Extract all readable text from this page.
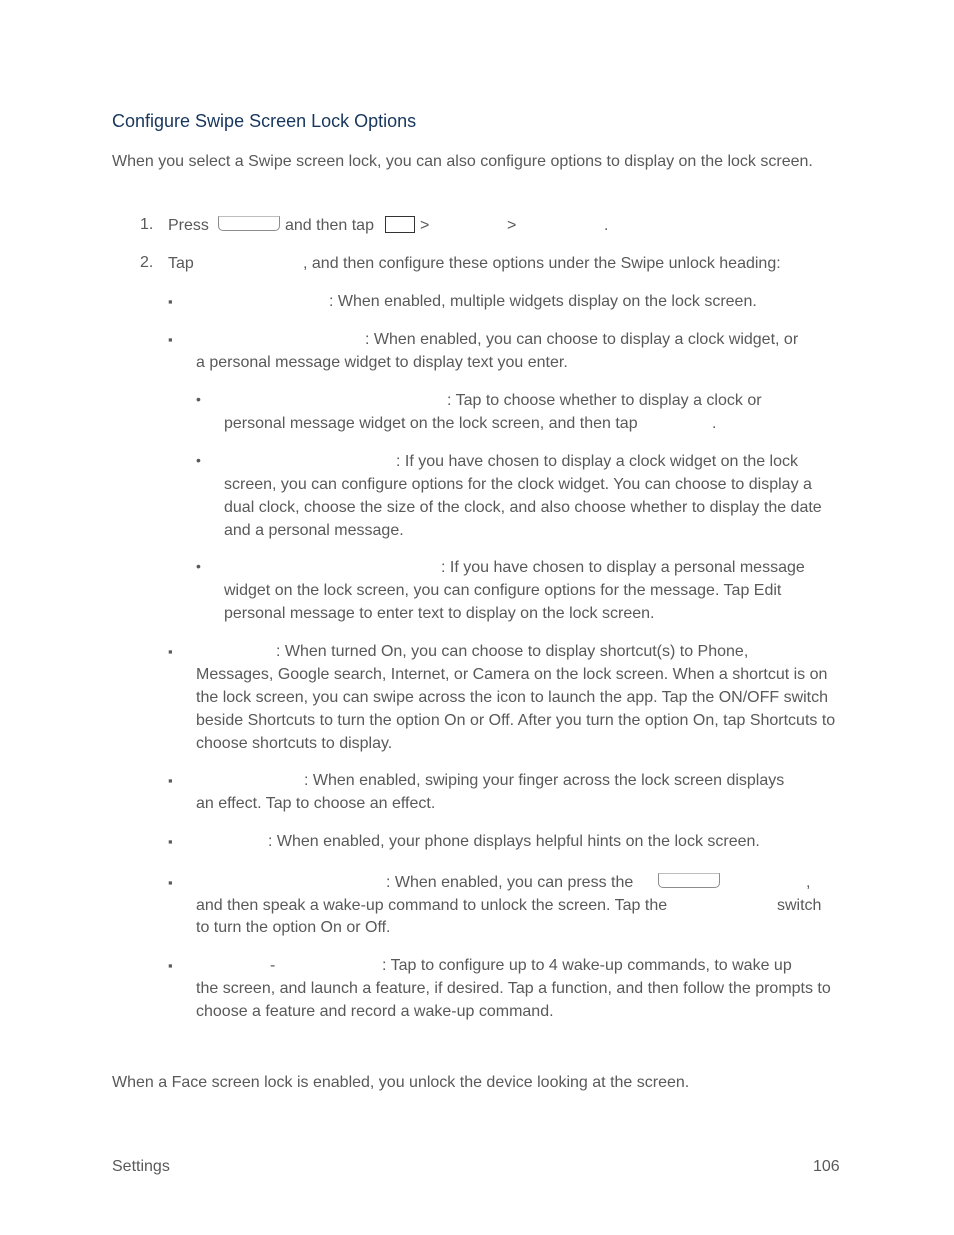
Configure Swipe Screen Lock Options
When you select a Swipe screen lock, you can also configure options to display on the lock screen.
1. Press	and then tap	>	>	.
2. Tap	, and then configure these options under the Swipe unlock heading:
▪	: When enabled, multiple widgets display on the lock screen.
▪	: When enabled, you can choose to display a clock widget, or
a personal message widget to display text you enter.
•	: Tap to choose whether to display a clock or
personal message widget on the lock screen, and then tap	.
•	: If you have chosen to display a clock widget on the lock
screen, you can configure options for the clock widget. You can choose to display a dual clock, choose the size of the clock, and also choose whether to display the date and a personal message.
•	: If you have chosen to display a personal message
widget on the lock screen, you can configure options for the message. Tap Edit personal message to enter text to display on the lock screen.
▪	: When turned On, you can choose to display shortcut(s) to Phone,
Messages, Google search, Internet, or Camera on the lock screen. When a shortcut is on the lock screen, you can swipe across the icon to launch the app. Tap the ON/OFF switch beside Shortcuts to turn the option On or Off. After you turn the option On, tap Shortcuts to choose shortcuts to display.
▪	: When enabled, swiping your finger across the lock screen displays
an effect. Tap to choose an effect.
▪	: When enabled, your phone displays helpful hints on the lock screen.
▪	: When enabled, you can press the	,
and then speak a wake-up command to unlock the screen. Tap the	switch
to turn the option On or Off.
▪	-	: Tap to configure up to 4 wake-up commands, to wake up
the screen, and launch a feature, if desired. Tap a function, and then follow the prompts to choose a feature and record a wake-up command.
When a Face screen lock is enabled, you unlock the device looking at the screen.
Settings	106
